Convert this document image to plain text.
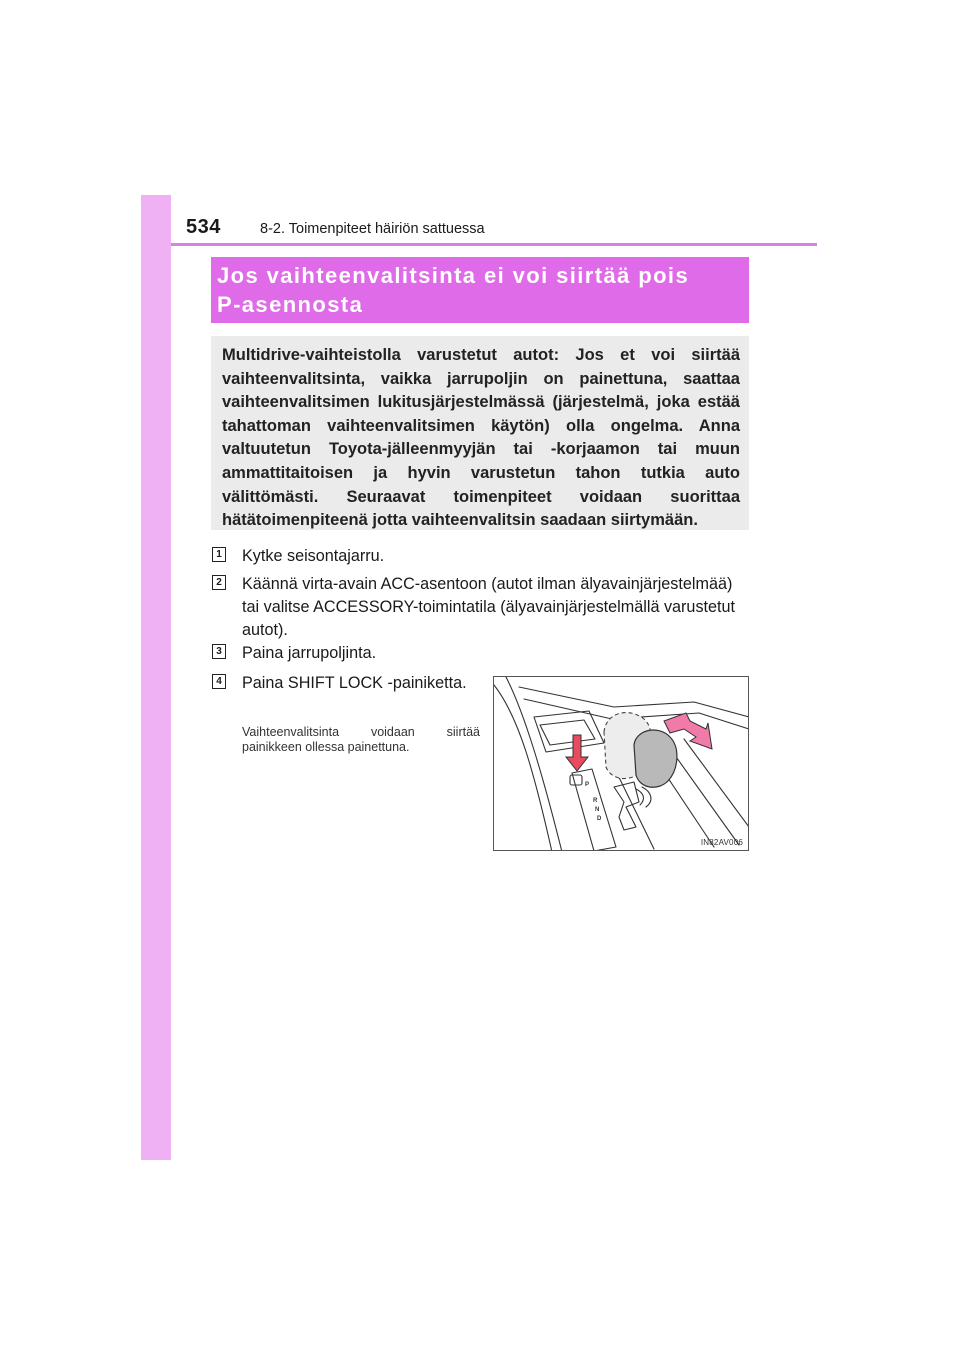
534	8-2. Toimenpiteet häiriön sattuessa
Jos vaihteenvalitsinta ei voi siirtää pois
P-asennosta

Multidrive-vaihteistolla varustetut autot: Jos et voi siirtää vaihteenvalitsinta, vaikka jarrupoljin on painettuna, saattaa vaihteenvalitsimen lukitusjärjestelmässä (järjestelmä, joka estää tahattoman vaihteenvalitsimen käytön) olla ongelma. Anna valtuutetun Toyota-jälleenmyyjän tai -korjaamon tai muun ammattitaitoisen ja hyvin varustetun tahon tutkia auto välittömästi. Seuraavat toimenpiteet voidaan suorittaa hätätoimenpiteenä jotta vaihteenvalitsin saadaan siirtymään.

1 Kytke seisontajarru.
2 Käännä virta-avain ACC-asentoon (autot ilman älyavainjärjestelmää) tai valitse ACCESSORY-toimintatila (älyavainjärjestelmällä varustetut autot).
3 Paina jarrupoljinta.
4 Paina SHIFT LOCK -painiketta.
Vaihteenvalitsinta voidaan siirtää painikkeen ollessa painettuna.
P
R
N
D
IN82AV006
